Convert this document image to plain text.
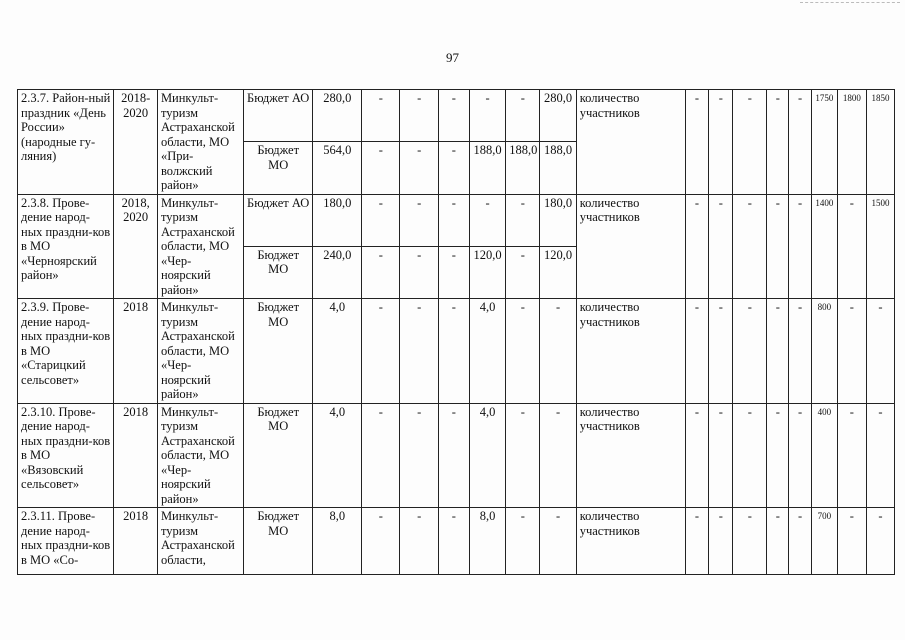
97
2.3.7. Район-ный праздник «День России» (народные гу-ляния)	2018-2020	Минкульт-туризм Астраханской области, МО «При-волжский район»	Бюджет АО	280,0	-	-	-	-	-	280,0	количество участников	-	-	-	-	-	1750	1800	1850
			Бюджет МО	564,0	-	-	-	188,0	188,0	188,0									
2.3.8. Прове-дение народ-ных праздни-ков в МО «Черноярский район»	2018, 2020	Минкульт-туризм Астраханской области, МО «Чер-ноярский район»	Бюджет АО	180,0	-	-	-	-	-	180,0	количество участников	-	-	-	-	-	1400	-	1500
			Бюджет МО	240,0	-	-	-	120,0	-	120,0									
2.3.9. Прове-дение народ-ных праздни-ков в МО «Старицкий сельсовет»	2018	Минкульт-туризм Астраханской области, МО «Чер-ноярский район»	Бюджет МО	4,0	-	-	-	4,0	-	-	количество участников	-	-	-	-	-	800	-	-
2.3.10. Прове-дение народ-ных праздни-ков в МО «Вязовский сельсовет»	2018	Минкульт-туризм Астраханской области, МО «Чер-ноярский район»	Бюджет МО	4,0	-	-	-	4,0	-	-	количество участников	-	-	-	-	-	400	-	-
2.3.11. Прове-дение народ-ных праздни-ков в МО «Со-	2018	Минкульт-туризм Астраханской области,	Бюджет МО	8,0	-	-	-	8,0	-	-	количество участников	-	-	-	-	-	700	-	-
